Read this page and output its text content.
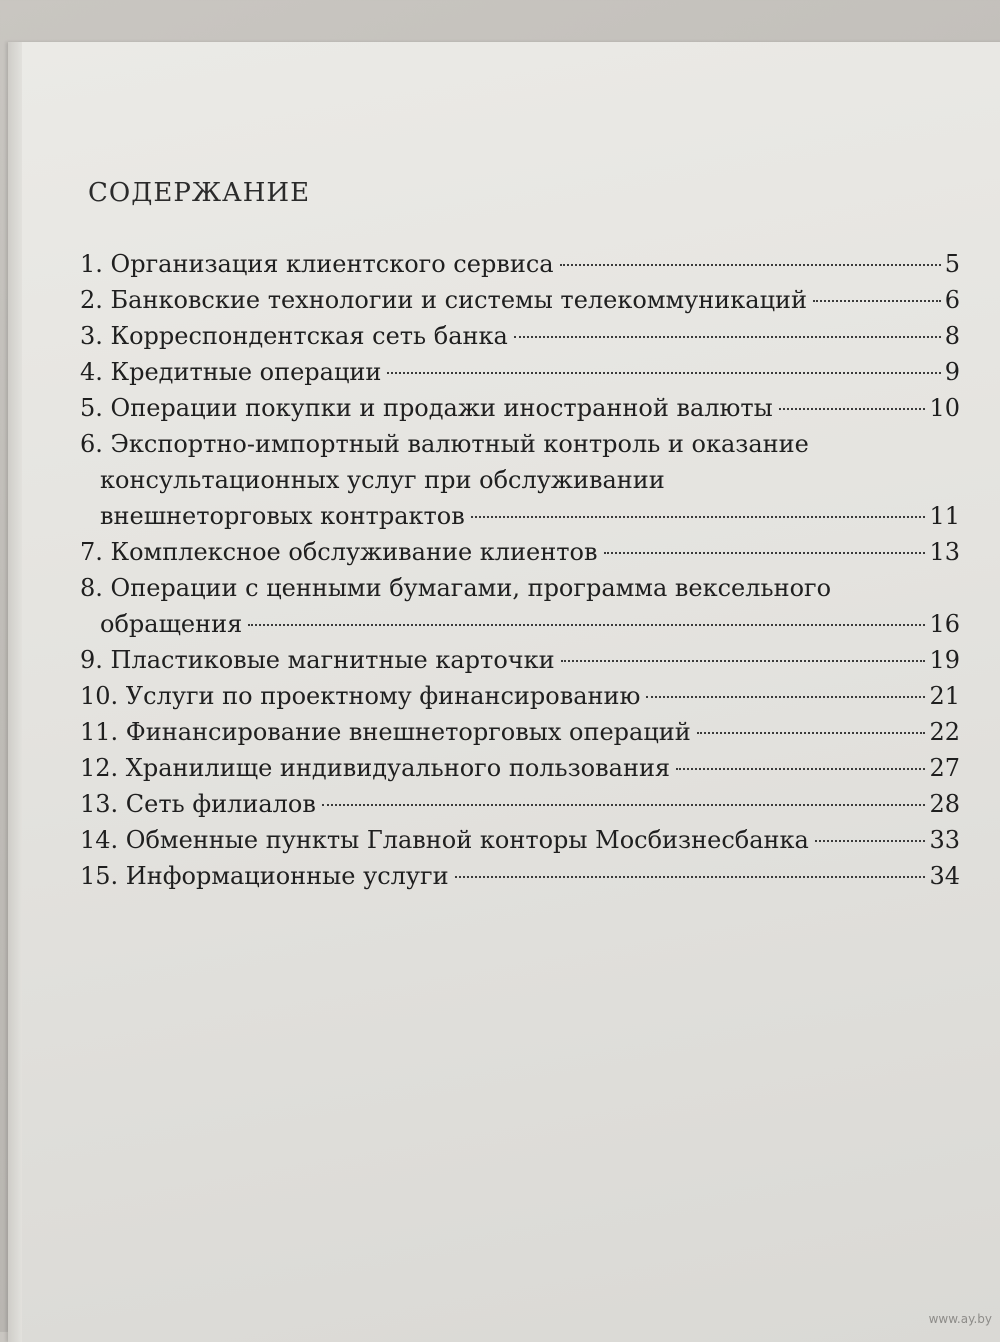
СОДЕРЖАНИЕ
1. Организация клиентского сервиса	5
2. Банковские технологии и системы телекоммуникаций	6
3. Корреспондентская сеть банка	8
4. Кредитные операции	9
5. Операции покупки и продажи иностранной валюты	10
6. Экспортно-импортный валютный контроль и оказание
консультационных услуг при обслуживании
внешнеторговых контрактов	11
7. Комплексное обслуживание клиентов	13
8. Операции с ценными бумагами, программа вексельного
обращения	16
9. Пластиковые магнитные карточки	19
10. Услуги по проектному финансированию	21
11. Финансирование внешнеторговых операций	22
12. Хранилище индивидуального пользования	27
13. Сеть филиалов	28
14. Обменные пункты Главной конторы Мосбизнесбанка	33
15. Информационные услуги	34
www.ay.by
